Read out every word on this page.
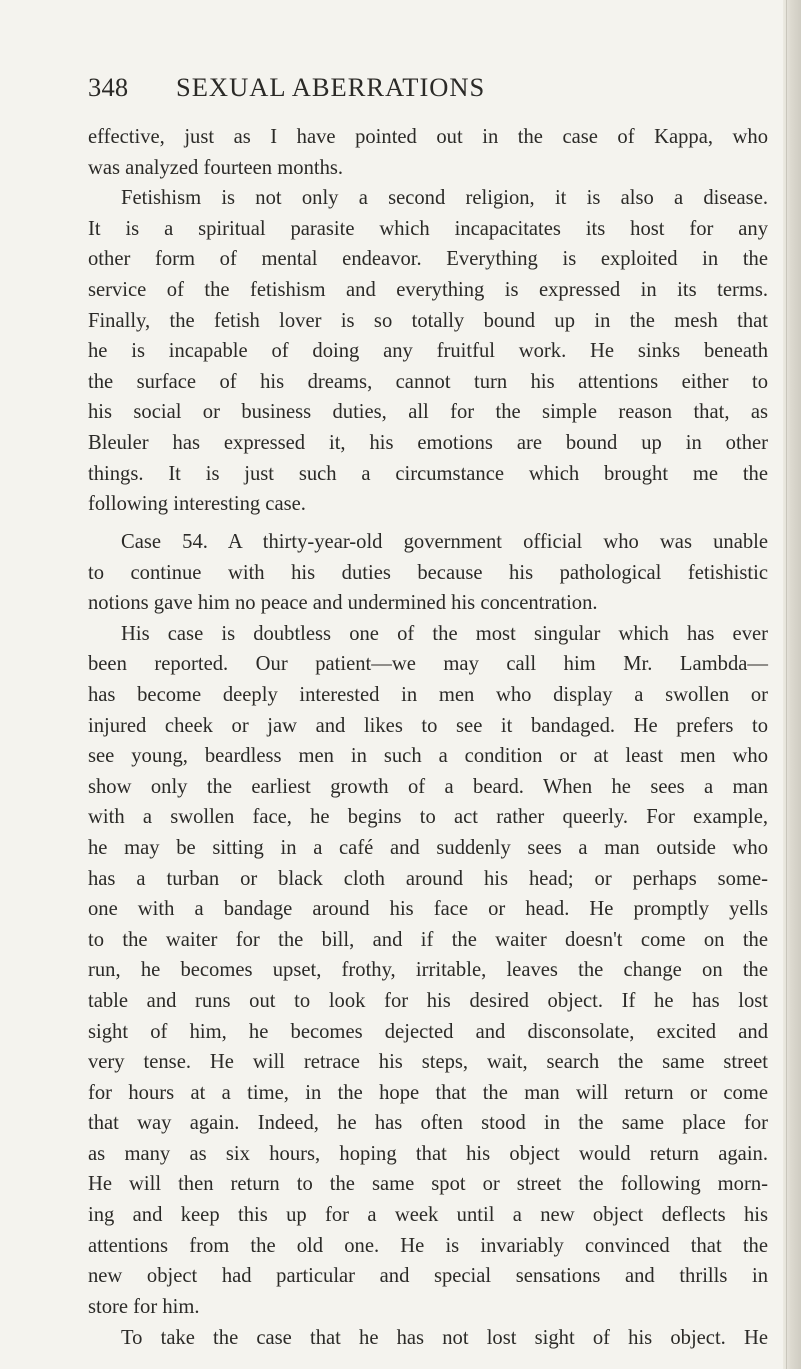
348 SEXUAL ABERRATIONS
effective, just as I have pointed out in the case of Kappa, who
was analyzed fourteen months.
Fetishism is not only a second religion, it is also a disease.
It is a spiritual parasite which incapacitates its host for any
other form of mental endeavor. Everything is exploited in the
service of the fetishism and everything is expressed in its terms.
Finally, the fetish lover is so totally bound up in the mesh that
he is incapable of doing any fruitful work. He sinks beneath
the surface of his dreams, cannot turn his attentions either to
his social or business duties, all for the simple reason that, as
Bleuler has expressed it, his emotions are bound up in other
things. It is just such a circumstance which brought me the
following interesting case.
Case 54. A thirty-year-old government official who was unable
to continue with his duties because his pathological fetishistic
notions gave him no peace and undermined his concentration.
His case is doubtless one of the most singular which has ever
been reported. Our patient—we may call him Mr. Lambda—
has become deeply interested in men who display a swollen or
injured cheek or jaw and likes to see it bandaged. He prefers to
see young, beardless men in such a condition or at least men who
show only the earliest growth of a beard. When he sees a man
with a swollen face, he begins to act rather queerly. For example,
he may be sitting in a café and suddenly sees a man outside who
has a turban or black cloth around his head; or perhaps some-
one with a bandage around his face or head. He promptly yells
to the waiter for the bill, and if the waiter doesn't come on the
run, he becomes upset, frothy, irritable, leaves the change on the
table and runs out to look for his desired object. If he has lost
sight of him, he becomes dejected and disconsolate, excited and
very tense. He will retrace his steps, wait, search the same street
for hours at a time, in the hope that the man will return or come
that way again. Indeed, he has often stood in the same place for
as many as six hours, hoping that his object would return again.
He will then return to the same spot or street the following morn-
ing and keep this up for a week until a new object deflects his
attentions from the old one. He is invariably convinced that the
new object had particular and special sensations and thrills in
store for him.
To take the case that he has not lost sight of his object. He
